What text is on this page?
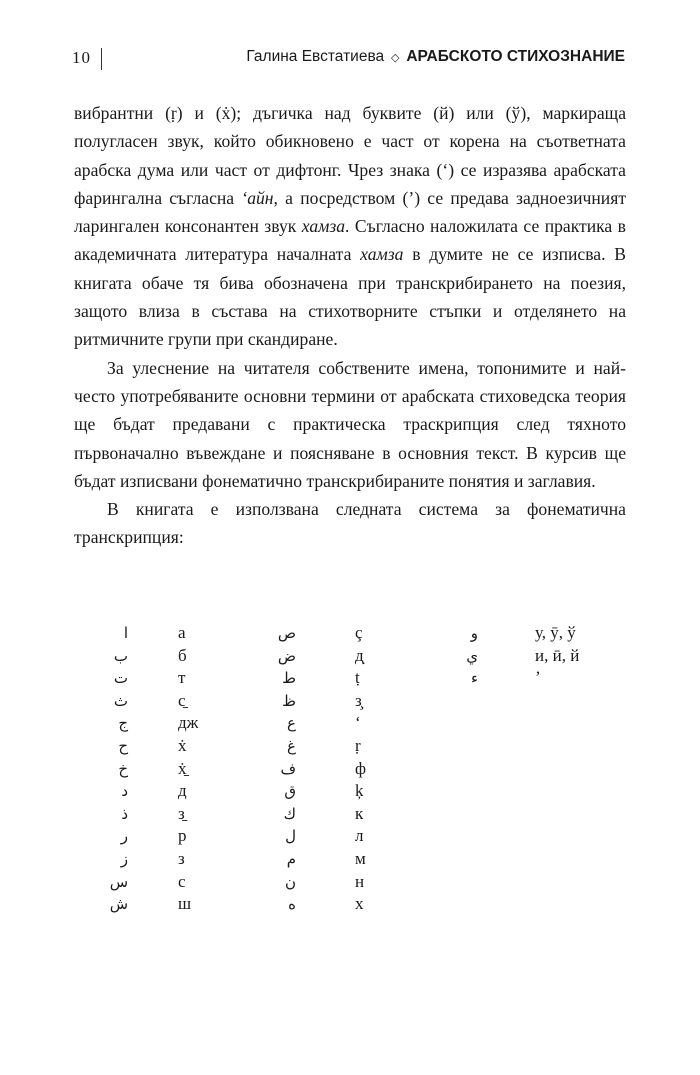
10	Галина Евстатиева ◇ АРАБСКОТО СТИХОЗНАНИЕ

вибрантни (ṛ) и (ẋ); дъгичка над буквите (й) или (ў), маркираща полугласен звук, който обикновено е част от корена на съответната арабска дума или част от дифтонг. Чрез знака (ʻ) се изразява арабската фарингална съгласна ʻайн, а посредством (ʼ) се предава задноезичният ларингален консонантен звук хамза. Съгласно наложилата се практика в академичната литература началната хамза в думите не се изписва. В книгата обаче тя бива обозначена при транскрибирането на поезия, защото влиза в състава на стихотворните стъпки и отделянето на ритмичните групи при скандиране.

За улеснение на читателя собствените имена, топонимите и най-често употребяваните основни термини от арабската стиховедска теория ще бъдат предавани с практическа траскрипция след тяхното първоначално въвеждане и поясняване в основния текст. В курсив ще бъдат изписвани фонематично транскрибираните понятия и заглавия.

В книгата е използвана следната система за фонематична транскрипция:

ا
ب
ت
ث
ج
ح
خ
د
ذ
ر
ز
س
ش
а
б
т
с̱
дж
ẋ
ẋ̱
д
з̱
р
з
с
ш
ص
ض
ط
ظ
ع
غ
ف
ق
ك
ل
م
ن
ه
ç
д̣
ṭ
з̧
ʻ
ṛ
ф
ķ
к
л
м
н
х
و
ي
ء
у, ӯ, ў
и, ӣ, й
ʼ
